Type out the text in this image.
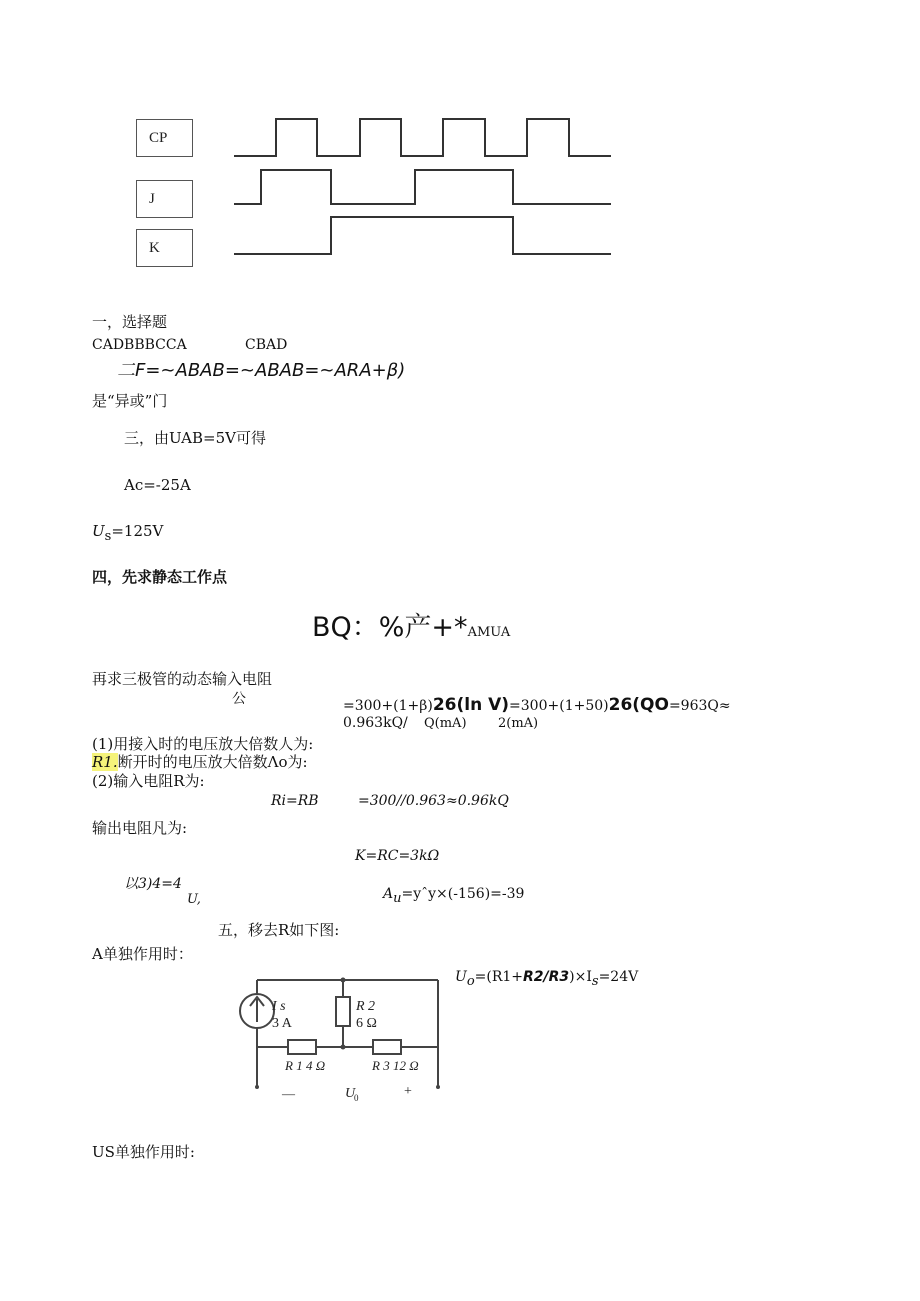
CP
J
K
一，选择题
CADBBBCCA	CBAD
二F=~ABAB=~ABAB=~ARA+β)
是“异或”门
三，由UAB=5V可得
Ac=-25A
$U_s=125V$
四，先求静态工作点
BQ：%产+*AMUA
再求三极管的动态输入电阻
公	=300+(1+β)26(ln V)=300+(1+50)26(QO=963Q≈
0.963kQ/ Q(mA) 2(mA)
(1)用接入时的电压放大倍数人为:
R1.断开时的电压放大倍数Λo为:
(2)输入电阻R为:
Ri=RB	=300//0.963≈0.96kQ
输出电阻凡为:
K=RC=3kΩ
以3)4=4
U,	$A_u=yˆy\times(-156)=-39$
五，移去R如下图:
A单独作用时：
$U_o=(R1+R2/R3)\times I_s=24V$
I s
3 A
R 2
6 Ω
R 1 4 Ω	R 3 12 Ω
—	U
0	+
US单独作用时:
